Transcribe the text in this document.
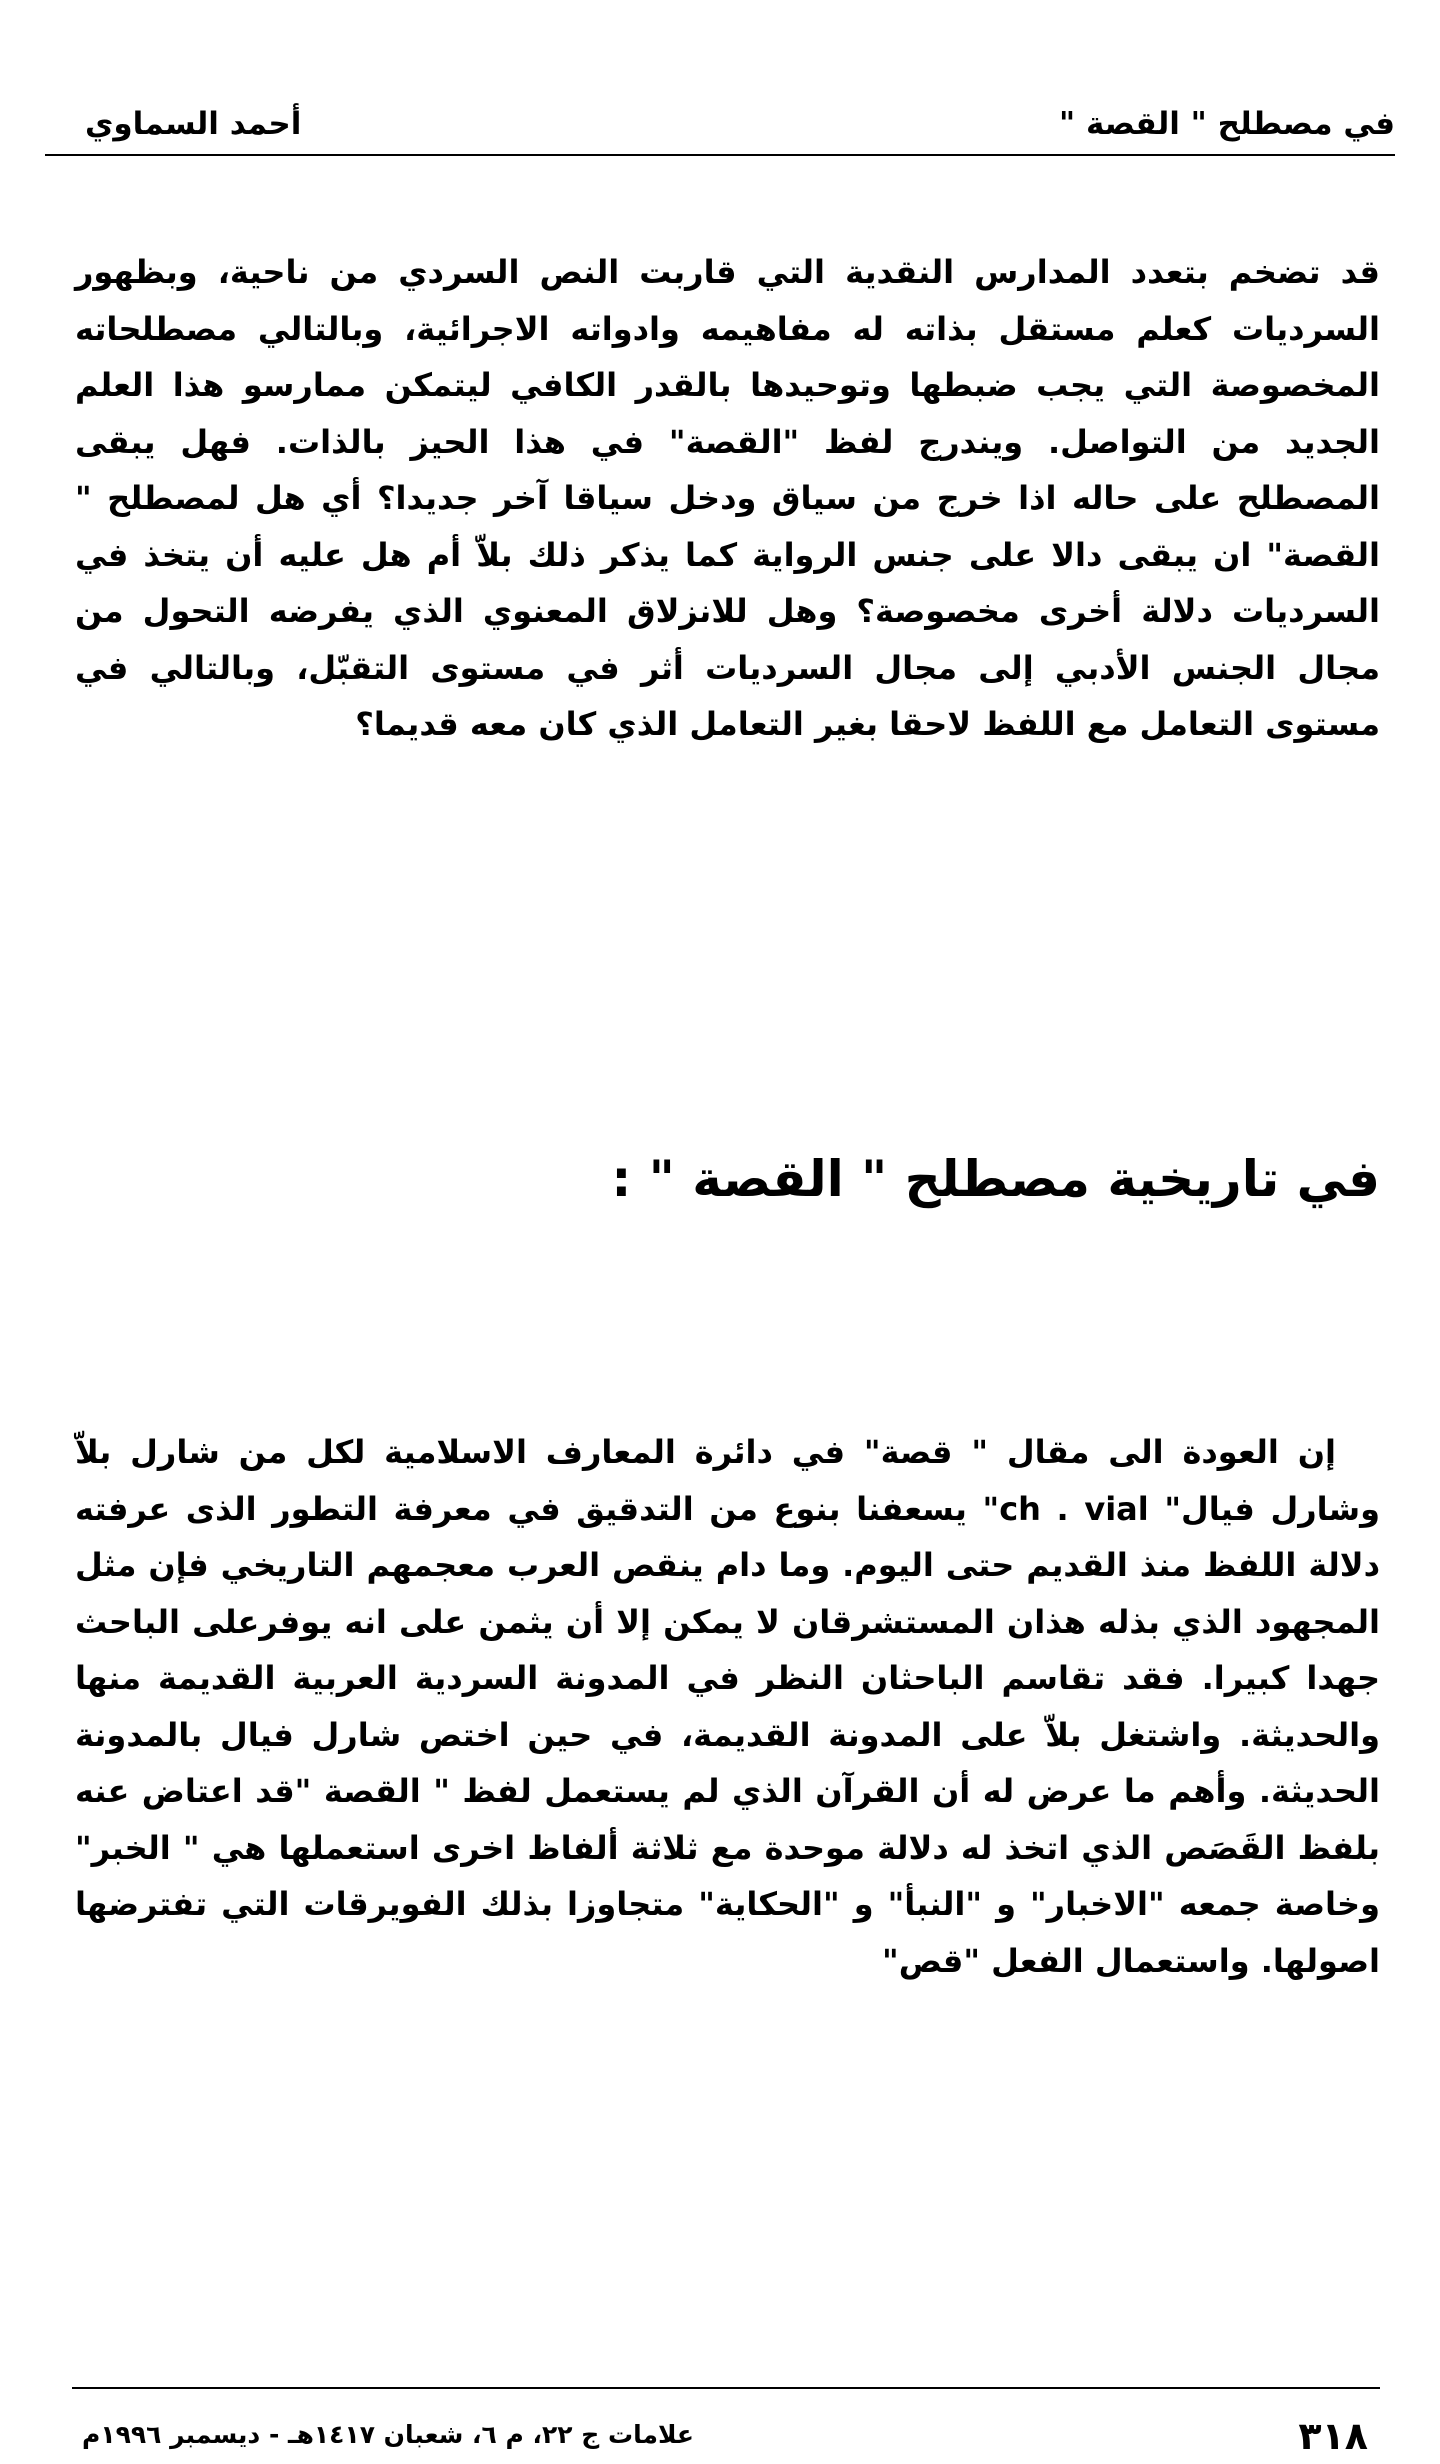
في مصطلح " القصة "
أحمد السماوي

قد تضخم بتعدد المدارس النقدية التي قاربت النص السردي من ناحية، وبظهور السرديات كعلم مستقل بذاته له مفاهيمه وادواته الاجرائية، وبالتالي مصطلحاته المخصوصة التي يجب ضبطها وتوحيدها بالقدر الكافي ليتمكن ممارسو هذا العلم الجديد من التواصل. ويندرج لفظ "القصة" في هذا الحيز بالذات. فهل يبقى المصطلح على حاله اذا خرج من سياق ودخل سياقا آخر جديدا؟ أي هل لمصطلح " القصة" ان يبقى دالا على جنس الرواية كما يذكر ذلك بلاّ أم هل عليه أن يتخذ في السرديات دلالة أخرى مخصوصة؟ وهل للانزلاق المعنوي الذي يفرضه التحول من مجال الجنس الأدبي إلى مجال السرديات أثر في مستوى التقبّل، وبالتالي في مستوى التعامل مع اللفظ لاحقا بغير التعامل الذي كان معه قديما؟

في تاريخية مصطلح " القصة " :

إن العودة الى مقال " قصة" في دائرة المعارف الاسلامية لكل من شارل بلاّ وشارل فيال" ch . vial" يسعفنا بنوع من التدقيق في معرفة التطور الذى عرفته دلالة اللفظ منذ القديم حتى اليوم. وما دام ينقص العرب معجمهم التاريخي فإن مثل المجهود الذي بذله هذان المستشرقان لا يمكن إلا أن يثمن على انه يوفرعلى الباحث جهدا كبيرا. فقد تقاسم الباحثان النظر في المدونة السردية العربية القديمة منها والحديثة. واشتغل بلاّ على المدونة القديمة، في حين اختص شارل فيال بالمدونة الحديثة. وأهم ما عرض له أن القرآن الذي لم يستعمل لفظ " القصة "قد اعتاض عنه بلفظ القَصَص الذي اتخذ له دلالة موحدة مع ثلاثة ألفاظ اخرى استعملها هي " الخبر" وخاصة جمعه "الاخبار" و "النبأ" و "الحكاية" متجاوزا بذلك الفويرقات التي تفترضها اصولها. واستعمال الفعل "قص"

٣١٨
علامات ج ٢٢، م ٦، شعبان ١٤١٧هـ - ديسمبر ١٩٩٦م
